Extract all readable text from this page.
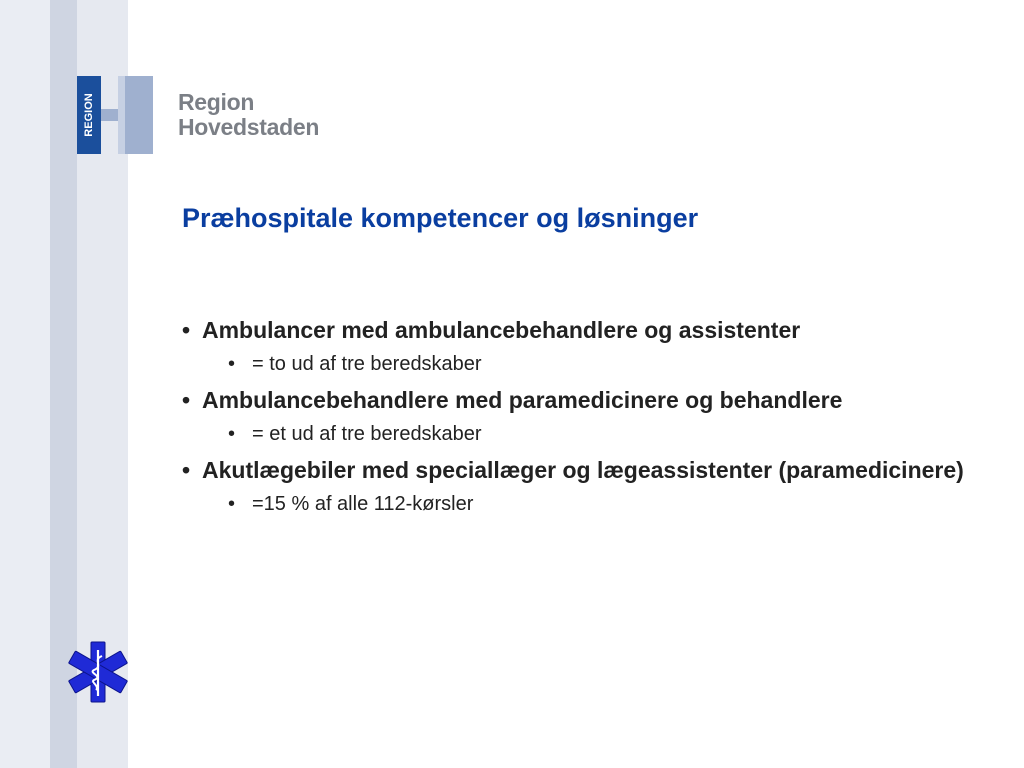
REGION	Region
Hovedstaden
Præhospitale kompetencer og løsninger
• Ambulancer med ambulancebehandlere og assistenter
• = to ud af tre beredskaber
• Ambulancebehandlere med paramedicinere og behandlere
• = et ud af tre beredskaber
• Akutlægebiler med speciallæger og lægeassistenter (paramedicinere)
• =15 % af alle 112-kørsler
